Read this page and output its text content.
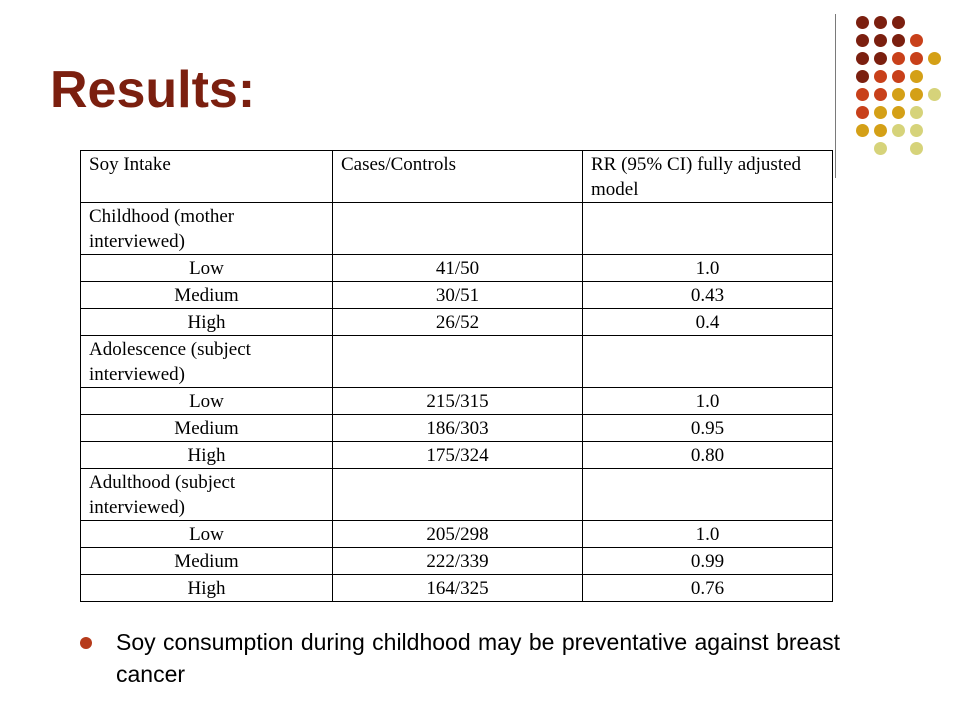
Results:
Soy Intake	Cases/Controls	RR (95% CI) fully adjusted model
Childhood (mother interviewed)		
Low	41/50	1.0
Medium	30/51	0.43
High	26/52	0.4
Adolescence (subject interviewed)		
Low	215/315	1.0
Medium	186/303	0.95
High	175/324	0.80
Adulthood (subject interviewed)		
Low	205/298	1.0
Medium	222/339	0.99
High	164/325	0.76
Soy consumption during childhood may be preventative against breast cancer
